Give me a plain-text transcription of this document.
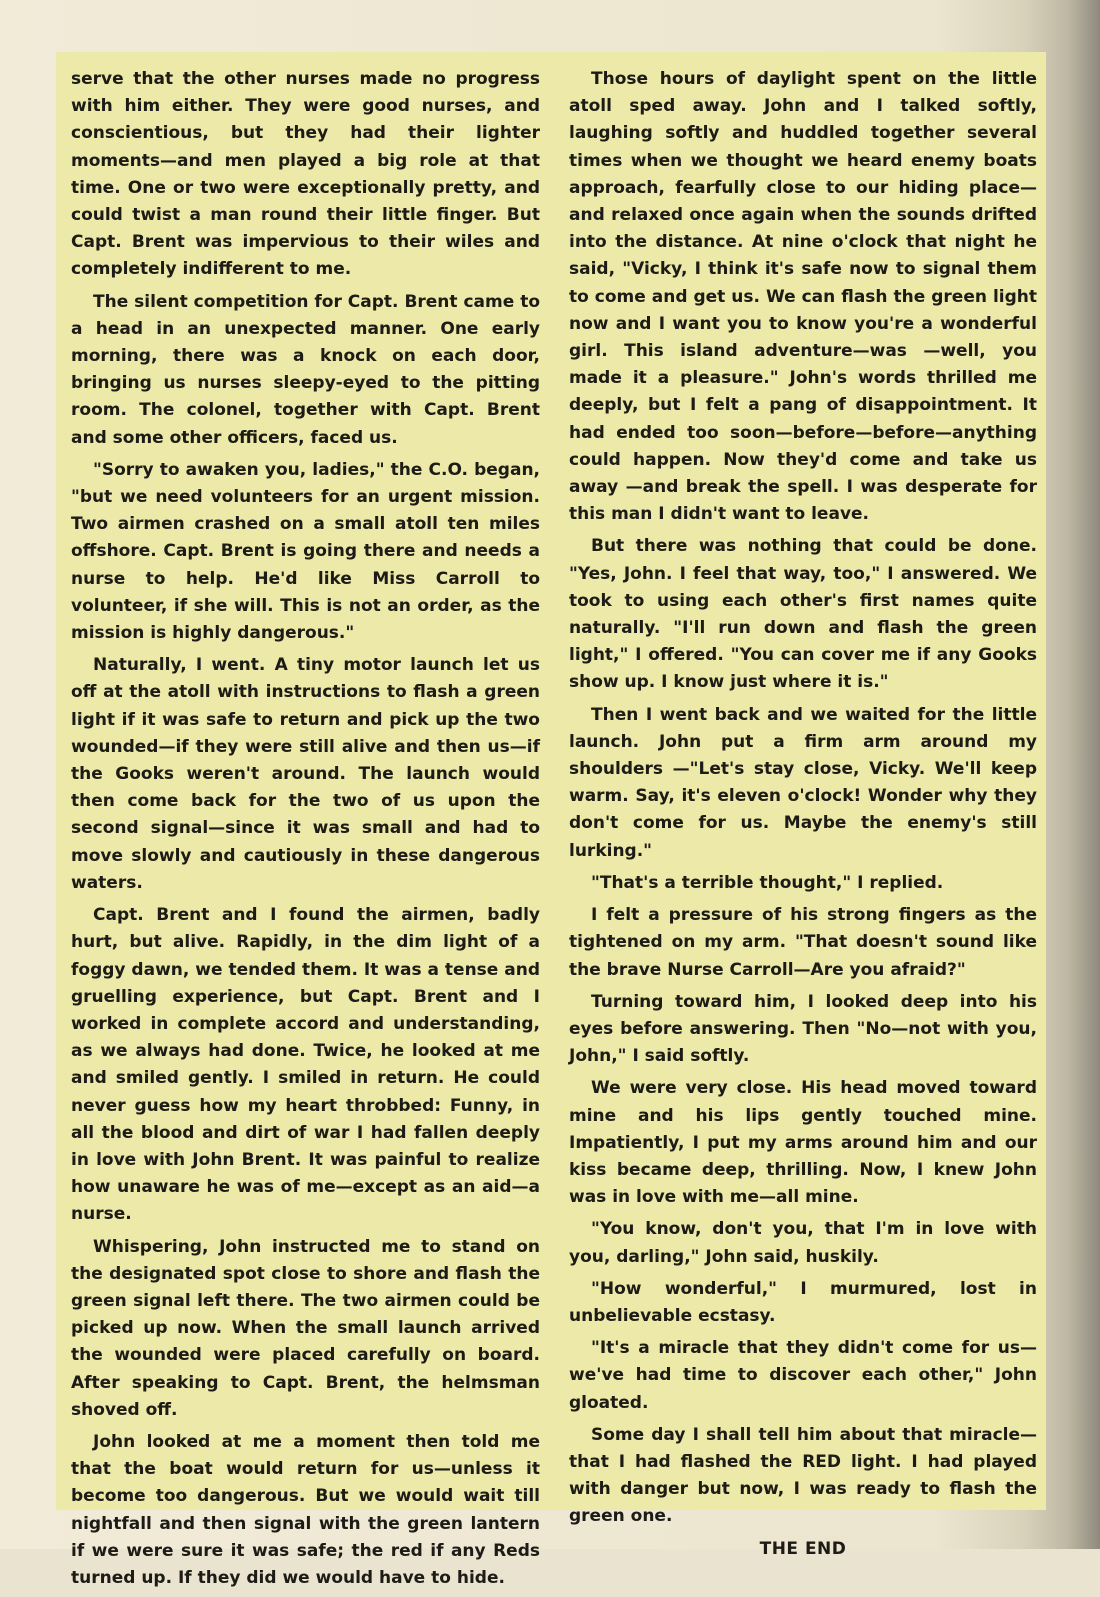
serve that the other nurses made no progress with him either. They were good nurses, and conscientious, but they had their lighter moments—and men played a big role at that time. One or two were exceptionally pretty, and could twist a man round their little finger. But Capt. Brent was impervious to their wiles and completely indifferent to me.

The silent competition for Capt. Brent came to a head in an unexpected manner. One early morning, there was a knock on each door, bringing us nurses sleepy-eyed to the pitting room. The colonel, together with Capt. Brent and some other officers, faced us.

"Sorry to awaken you, ladies," the C.O. began, "but we need volunteers for an urgent mission. Two airmen crashed on a small atoll ten miles offshore. Capt. Brent is going there and needs a nurse to help. He'd like Miss Carroll to volunteer, if she will. This is not an order, as the mission is highly dangerous."

Naturally, I went. A tiny motor launch let us off at the atoll with instructions to flash a green light if it was safe to return and pick up the two wounded—if they were still alive and then us—if the Gooks weren't around. The launch would then come back for the two of us upon the second signal—since it was small and had to move slowly and cautiously in these dangerous waters.

Capt. Brent and I found the airmen, badly hurt, but alive. Rapidly, in the dim light of a foggy dawn, we tended them. It was a tense and gruelling experience, but Capt. Brent and I worked in complete accord and understanding, as we always had done. Twice, he looked at me and smiled gently. I smiled in return. He could never guess how my heart throbbed: Funny, in all the blood and dirt of war I had fallen deeply in love with John Brent. It was painful to realize how unaware he was of me—except as an aid—a nurse.

Whispering, John instructed me to stand on the designated spot close to shore and flash the green signal left there. The two airmen could be picked up now. When the small launch arrived the wounded were placed carefully on board. After speaking to Capt. Brent, the helmsman shoved off.

John looked at me a moment then told me that the boat would return for us—unless it become too dangerous. But we would wait till nightfall and then signal with the green lantern if we were sure it was safe; the red if any Reds turned up. If they did we would have to hide.

Those hours of daylight spent on the little atoll sped away. John and I talked softly, laughing softly and huddled together several times when we thought we heard enemy boats approach, fearfully close to our hiding place—and relaxed once again when the sounds drifted into the distance. At nine o'clock that night he said, "Vicky, I think it's safe now to signal them to come and get us. We can flash the green light now and I want you to know you're a wonderful girl. This island adventure—was —well, you made it a pleasure." John's words thrilled me deeply, but I felt a pang of disappointment. It had ended too soon—before—before—anything could happen. Now they'd come and take us away —and break the spell. I was desperate for this man I didn't want to leave.

But there was nothing that could be done. "Yes, John. I feel that way, too," I answered. We took to using each other's first names quite naturally. "I'll run down and flash the green light," I offered. "You can cover me if any Gooks show up. I know just where it is."

Then I went back and we waited for the little launch. John put a firm arm around my shoulders —"Let's stay close, Vicky. We'll keep warm. Say, it's eleven o'clock! Wonder why they don't come for us. Maybe the enemy's still lurking."

"That's a terrible thought," I replied.

I felt a pressure of his strong fingers as the tightened on my arm. "That doesn't sound like the brave Nurse Carroll—Are you afraid?"

Turning toward him, I looked deep into his eyes before answering. Then "No—not with you, John," I said softly.

We were very close. His head moved toward mine and his lips gently touched mine. Impatiently, I put my arms around him and our kiss became deep, thrilling. Now, I knew John was in love with me—all mine.

"You know, don't you, that I'm in love with you, darling," John said, huskily.

"How wonderful," I murmured, lost in unbelievable ecstasy.

"It's a miracle that they didn't come for us—we've had time to discover each other," John gloated.

Some day I shall tell him about that miracle—that I had flashed the RED light. I had played with danger but now, I was ready to flash the green one.

THE END
